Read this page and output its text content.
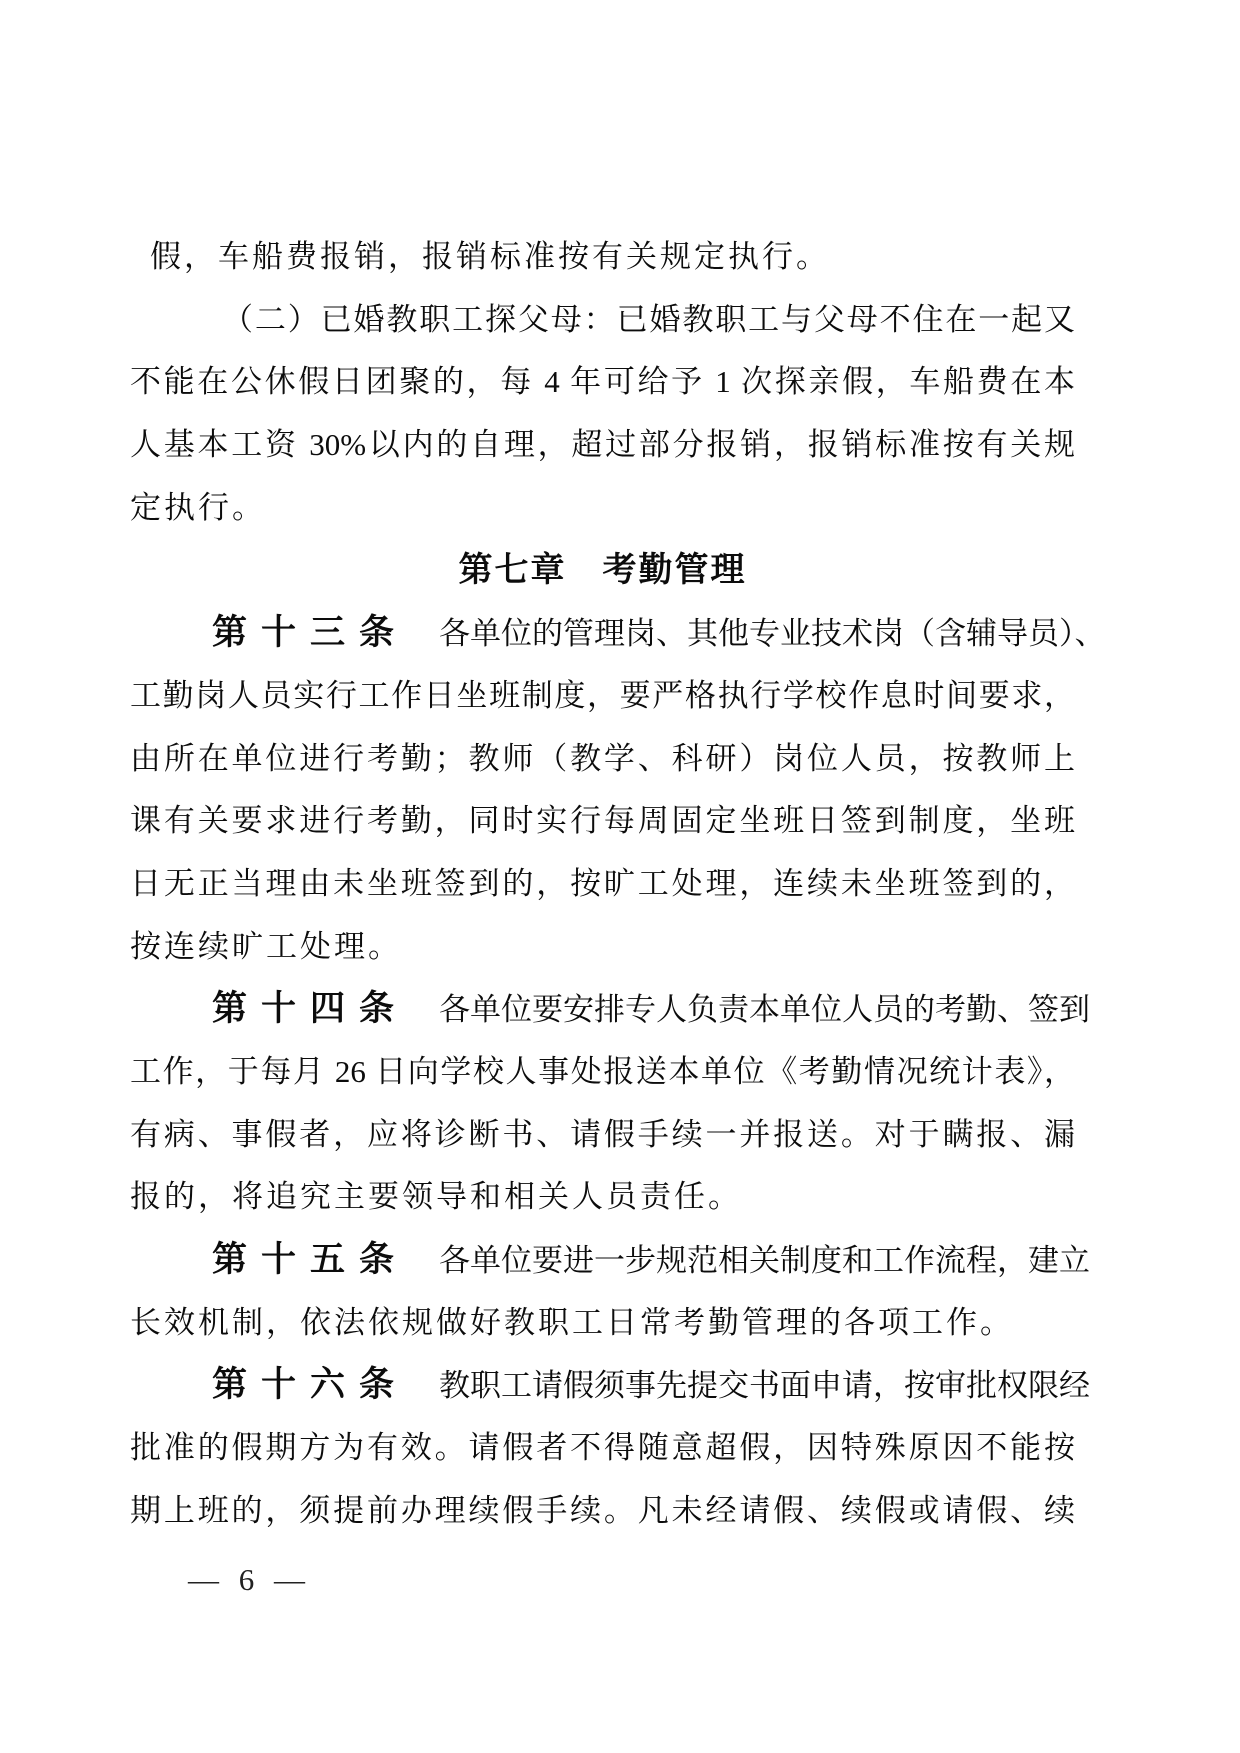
假，车船费报销，报销标准按有关规定执行。
（二）已婚教职工探父母：已婚教职工与父母不住在一起又
不能在公休假日团聚的，每 4 年可给予 1 次探亲假，车船费在本
人基本工资 30%以内的自理，超过部分报销，报销标准按有关规
定执行。
第七章　考勤管理
第十三条　各单位的管理岗、其他专业技术岗（含辅导员）、
工勤岗人员实行工作日坐班制度，要严格执行学校作息时间要求，
由所在单位进行考勤；教师（教学、科研）岗位人员，按教师上
课有关要求进行考勤，同时实行每周固定坐班日签到制度，坐班
日无正当理由未坐班签到的，按旷工处理，连续未坐班签到的，
按连续旷工处理。
第十四条　各单位要安排专人负责本单位人员的考勤、签到
工作，于每月 26 日向学校人事处报送本单位《考勤情况统计表》，
有病、事假者，应将诊断书、请假手续一并报送。对于瞒报、漏
报的，将追究主要领导和相关人员责任。
第十五条　各单位要进一步规范相关制度和工作流程，建立
长效机制，依法依规做好教职工日常考勤管理的各项工作。
第十六条　教职工请假须事先提交书面申请，按审批权限经
批准的假期方为有效。请假者不得随意超假，因特殊原因不能按
期上班的，须提前办理续假手续。凡未经请假、续假或请假、续
— 6 —
